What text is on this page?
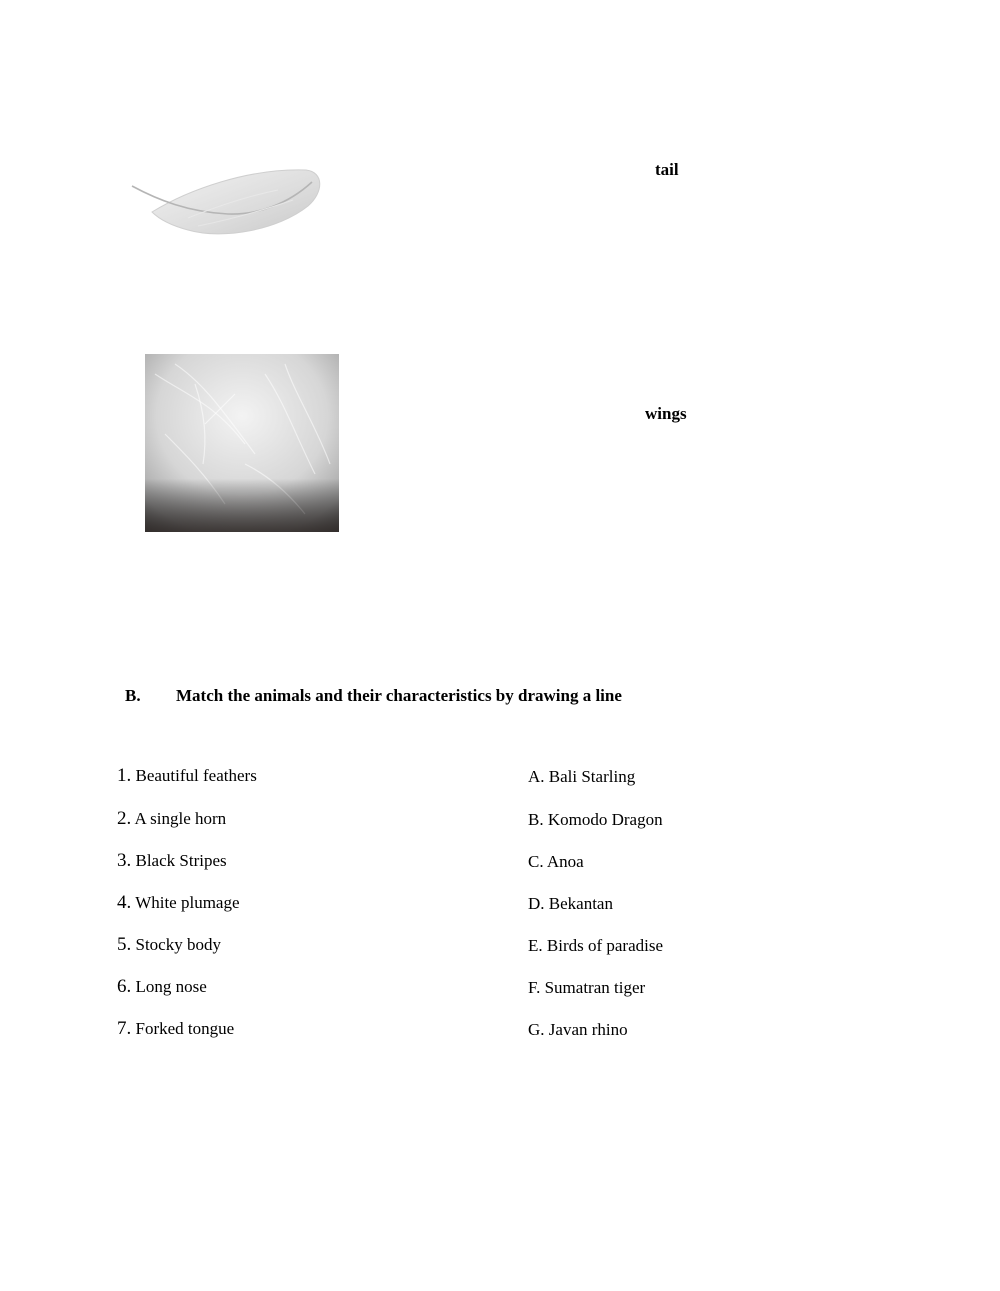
tail
wings
B. Match the animals and their characteristics by drawing a line
1. Beautiful feathers
2. A single horn
3. Black Stripes
4. White plumage
5. Stocky body
6. Long nose
7. Forked tongue
A. Bali Starling
B. Komodo Dragon
C. Anoa
D. Bekantan
E. Birds of paradise
F. Sumatran tiger
G. Javan rhino
